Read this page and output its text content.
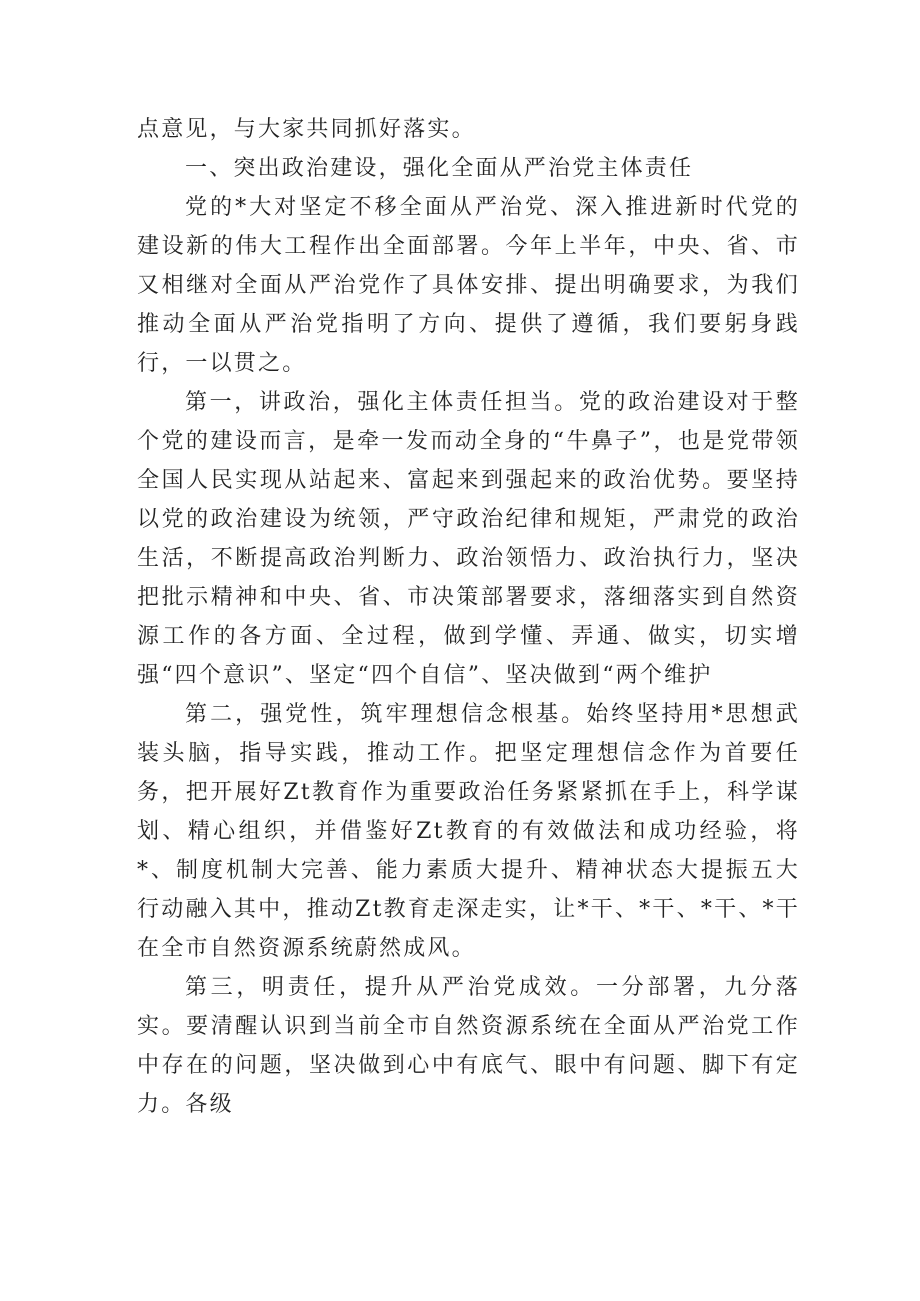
点意见，与大家共同抓好落实。

一、突出政治建设，强化全面从严治党主体责任

党的*大对坚定不移全面从严治党、深入推进新时代党的建设新的伟大工程作出全面部署。今年上半年，中央、省、市又相继对全面从严治党作了具体安排、提出明确要求，为我们推动全面从严治党指明了方向、提供了遵循，我们要躬身践行，一以贯之。

第一，讲政治，强化主体责任担当。党的政治建设对于整个党的建设而言，是牵一发而动全身的“牛鼻子”，也是党带领全国人民实现从站起来、富起来到强起来的政治优势。要坚持以党的政治建设为统领，严守政治纪律和规矩，严肃党的政治生活，不断提高政治判断力、政治领悟力、政治执行力，坚决把批示精神和中央、省、市决策部署要求，落细落实到自然资源工作的各方面、全过程，做到学懂、弄通、做实，切实增强“四个意识”、坚定“四个自信”、坚决做到“两个维护

第二，强党性，筑牢理想信念根基。始终坚持用*思想武装头脑，指导实践，推动工作。把坚定理想信念作为首要任务，把开展好Zt教育作为重要政治任务紧紧抓在手上，科学谋划、精心组织，并借鉴好Zt教育的有效做法和成功经验，将*、制度机制大完善、能力素质大提升、精神状态大提振五大行动融入其中，推动Zt教育走深走实，让*干、*干、*干、*干在全市自然资源系统蔚然成风。

第三，明责任，提升从严治党成效。一分部署，九分落实。要清醒认识到当前全市自然资源系统在全面从严治党工作中存在的问题，坚决做到心中有底气、眼中有问题、脚下有定力。各级
